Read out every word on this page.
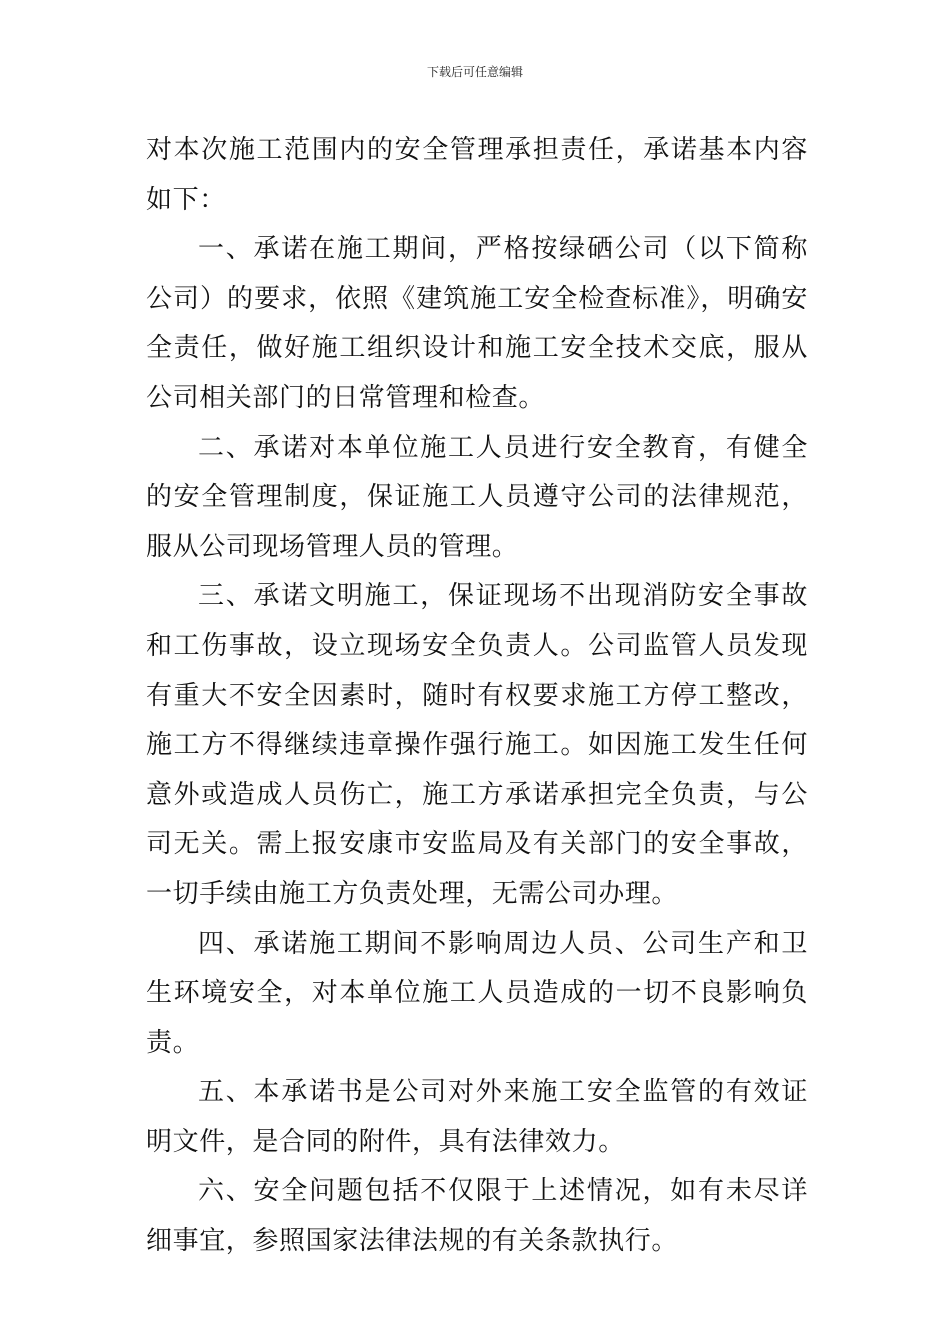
下载后可任意编辑

对本次施工范围内的安全管理承担责任，承诺基本内容如下：

一、承诺在施工期间，严格按绿硒公司（以下简称公司）的要求，依照《建筑施工安全检查标准》，明确安全责任，做好施工组织设计和施工安全技术交底，服从公司相关部门的日常管理和检查。

二、承诺对本单位施工人员进行安全教育，有健全的安全管理制度，保证施工人员遵守公司的法律规范，服从公司现场管理人员的管理。

三、承诺文明施工，保证现场不出现消防安全事故和工伤事故，设立现场安全负责人。公司监管人员发现有重大不安全因素时，随时有权要求施工方停工整改，施工方不得继续违章操作强行施工。如因施工发生任何意外或造成人员伤亡，施工方承诺承担完全负责，与公司无关。需上报安康市安监局及有关部门的安全事故，一切手续由施工方负责处理，无需公司办理。

四、承诺施工期间不影响周边人员、公司生产和卫生环境安全，对本单位施工人员造成的一切不良影响负责。

五、本承诺书是公司对外来施工安全监管的有效证明文件，是合同的附件，具有法律效力。

六、安全问题包括不仅限于上述情况，如有未尽详细事宜，参照国家法律法规的有关条款执行。
